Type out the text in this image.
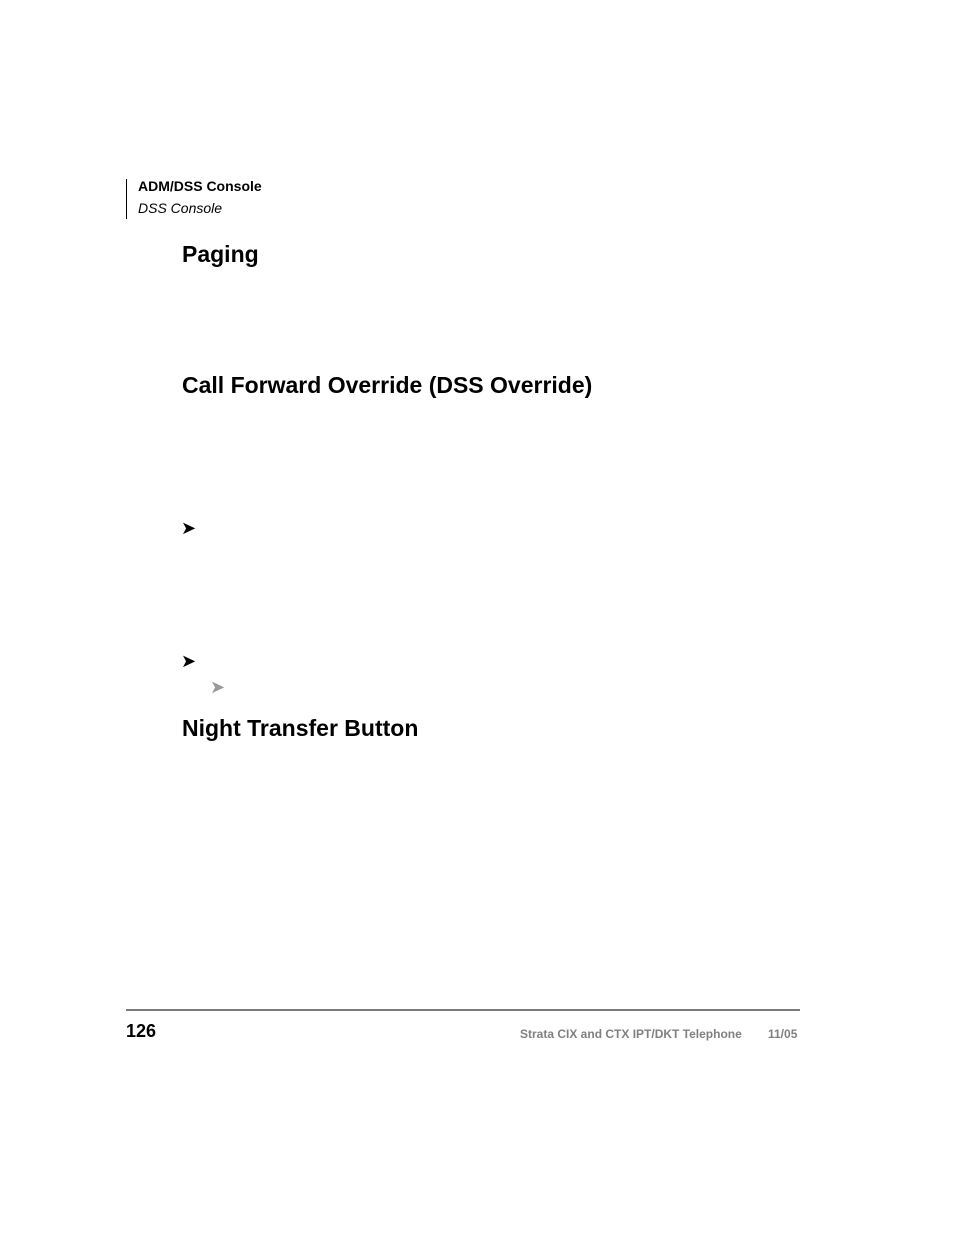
ADM/DSS Console
DSS Console
Paging
Call Forward Override (DSS Override)
➤
➤
➤
Night Transfer Button
126	Strata CIX and CTX IPT/DKT Telephone 11/05
